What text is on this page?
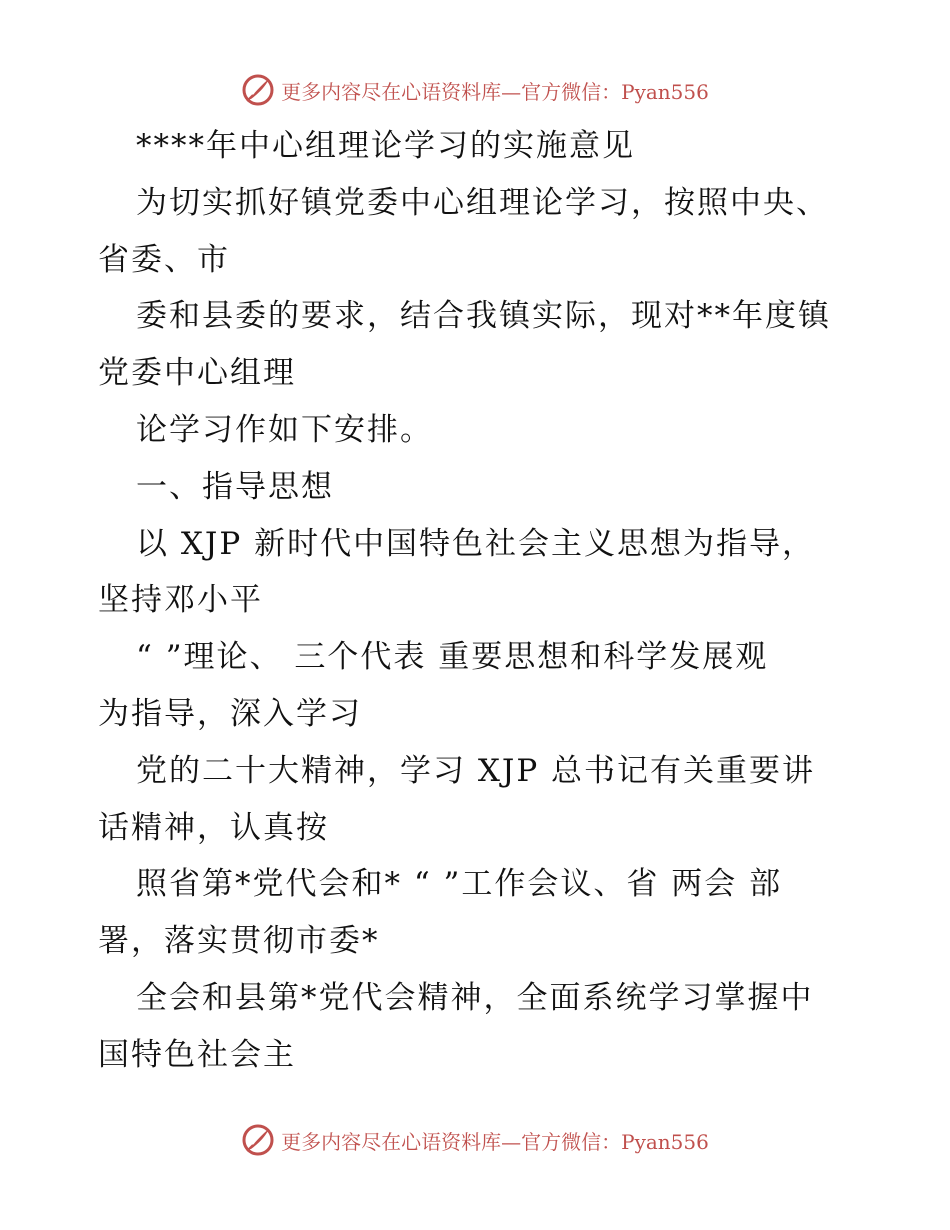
更多内容尽在心语资料库—官方微信：Pyan556
****年中心组理论学习的实施意见
为切实抓好镇党委中心组理论学习，按照中央、
省委、市
委和县委的要求，结合我镇实际，现对**年度镇
党委中心组理
论学习作如下安排。
一、指导思想
以 XJP 新时代中国特色社会主义思想为指导，
坚持邓小平
“ ”理论、 三个代表 重要思想和科学发展观
为指导，深入学习
党的二十大精神，学习 XJP 总书记有关重要讲
话精神，认真按
照省第*党代会和* “ ”工作会议、省 两会 部
署，落实贯彻市委*
全会和县第*党代会精神，全面系统学习掌握中
国特色社会主
更多内容尽在心语资料库—官方微信：Pyan556
